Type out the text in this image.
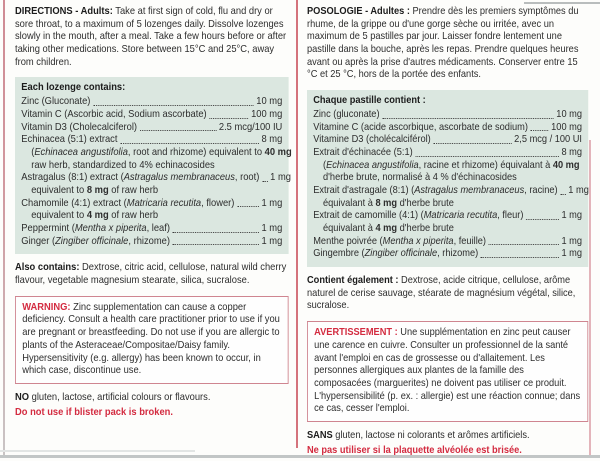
DIRECTIONS - Adults: Take at first sign of cold, flu and dry or sore throat, to a maximum of 5 lozenges daily. Dissolve lozenges slowly in the mouth, after a meal. Take a few hours before or after taking other medications. Store between 15°C and 25°C, away from children.

Each lozenge contains:
Zinc (Gluconate)	10 mg
Vitamin C (Ascorbic acid, Sodium ascorbate)	100 mg
Vitamin D3 (Cholecalciferol)	2.5 mcg/100 IU
Echinacea (5:1) extract	8 mg
(Echinacea angustifolia, root and rhizome) equivalent to 40 mg
raw herb, standardized to 4% echinacosides
Astragalus (8:1) extract (Astragalus membranaceus, root) 1 mg
equivalent to 8 mg of raw herb
Chamomile (4:1) extract (Matricaria recutita, flower)	1 mg
equivalent to 4 mg of raw herb
Peppermint (Mentha x piperita, leaf)	1 mg
Ginger (Zingiber officinale, rhizome)	1 mg

Also contains: Dextrose, citric acid, cellulose, natural wild cherry flavour, vegetable magnesium stearate, silica, sucralose.

WARNING: Zinc supplementation can cause a copper deficiency. Consult a health care practitioner prior to use if you are pregnant or breastfeeding. Do not use if you are allergic to plants of the Asteraceae/Compositae/Daisy family. Hypersensitivity (e.g. allergy) has been known to occur, in which case, discontinue use.

NO gluten, lactose, artificial colours or flavours.

Do not use if blister pack is broken.

POSOLOGIE - Adultes : Prendre dès les premiers symptômes du rhume, de la grippe ou d'une gorge sèche ou irritée, avec un maximum de 5 pastilles par jour. Laisser fondre lentement une pastille dans la bouche, après les repas. Prendre quelques heures avant ou après la prise d'autres médicaments. Conserver entre 15 °C et 25 °C, hors de la portée des enfants.

Chaque pastille contient :
Zinc (gluconate)	10 mg
Vitamine C (acide ascorbique, ascorbate de sodium) 100 mg
Vitamine D3 (cholécalciférol)	2,5 mcg / 100 UI
Extrait d'échinacée (5:1)	8 mg
(Echinacea angustifolia, racine et rhizome) équivalant à 40 mg
d'herbe brute, normalisé à 4 % d'échinacosides
Extrait d'astragale (8:1) (Astragalus membranaceus, racine) 1 mg
équivalant à 8 mg d'herbe brute
Extrait de camomille (4:1) (Matricaria recutita, fleur)	1 mg
équivalant à 4 mg d'herbe brute
Menthe poivrée (Mentha x piperita, feuille)	1 mg
Gingembre (Zingiber officinale, rhizome)	1 mg

Contient également : Dextrose, acide citrique, cellulose, arôme naturel de cerise sauvage, stéarate de magnésium végétal, silice, sucralose.

AVERTISSEMENT : Une supplémentation en zinc peut causer une carence en cuivre. Consulter un professionnel de la santé avant l'emploi en cas de grossesse ou d'allaitement. Les personnes allergiques aux plantes de la famille des composacées (marguerites) ne doivent pas utiliser ce produit. L'hypersensibilité (p. ex. : allergie) est une réaction connue; dans ce cas, cesser l'emploi.

SANS gluten, lactose ni colorants et arômes artificiels.

Ne pas utiliser si la plaquette alvéolée est brisée.
